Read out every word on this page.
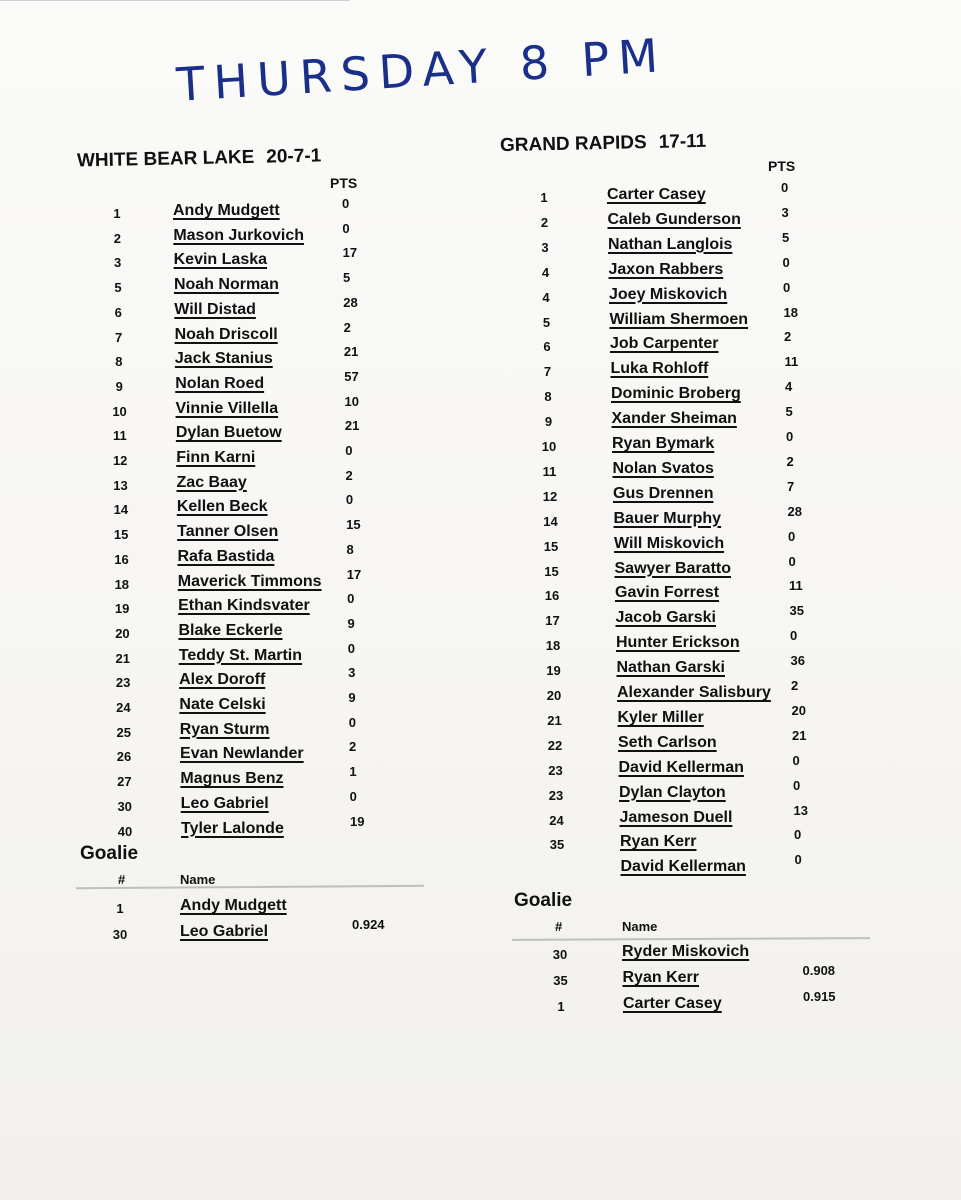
THURSDAY 8 PM
WHITE BEAR LAKE 20-7-1
PTS
1	Andy Mudgett	0
2	Mason Jurkovich	0
3	Kevin Laska	17
5	Noah Norman	5
6	Will Distad	28
7	Noah Driscoll	2
8	Jack Stanius	21
9	Nolan Roed	57
10	Vinnie Villella	10
11	Dylan Buetow	21
12	Finn Karni	0
13	Zac Baay	2
14	Kellen Beck	0
15	Tanner Olsen	15
16	Rafa Bastida	8
18	Maverick Timmons 17
19	Ethan Kindsvater	0
20	Blake Eckerle	9
21	Teddy St. Martin	0
23	Alex Doroff	3
24	Nate Celski	9
25	Ryan Sturm	0
26	Evan Newlander	2
27	Magnus Benz	1
30	Leo Gabriel	0
40	Tyler Lalonde	19
Goalie
#	Name
1	Andy Mudgett
30	Leo Gabriel	0.924
GRAND RAPIDS 17-11
PTS
1	Carter Casey	0
2	Caleb Gunderson	3
3	Nathan Langlois	5
4	Jaxon Rabbers	0
4	Joey Miskovich	0
5	William Shermoen	18
6	Job Carpenter	2
7	Luka Rohloff	11
8	Dominic Broberg	4
9	Xander Sheiman	5
10	Ryan Bymark	0
11	Nolan Svatos	2
12	Gus Drennen	7
14	Bauer Murphy	28
15	Will Miskovich	0
15	Sawyer Baratto	0
16	Gavin Forrest	11
17	Jacob Garski	35
18	Hunter Erickson	0
19	Nathan Garski	36
20	Alexander Salisbury 2
21	Kyler Miller	20
22	Seth Carlson	21
23	David Kellerman	0
23	Dylan Clayton	0
24	Jameson Duell	13
35	Ryan Kerr	0
David Kellerman	0
Goalie
#	Name
30	Ryder Miskovich
35	Ryan Kerr	0.908
1	Carter Casey	0.915
